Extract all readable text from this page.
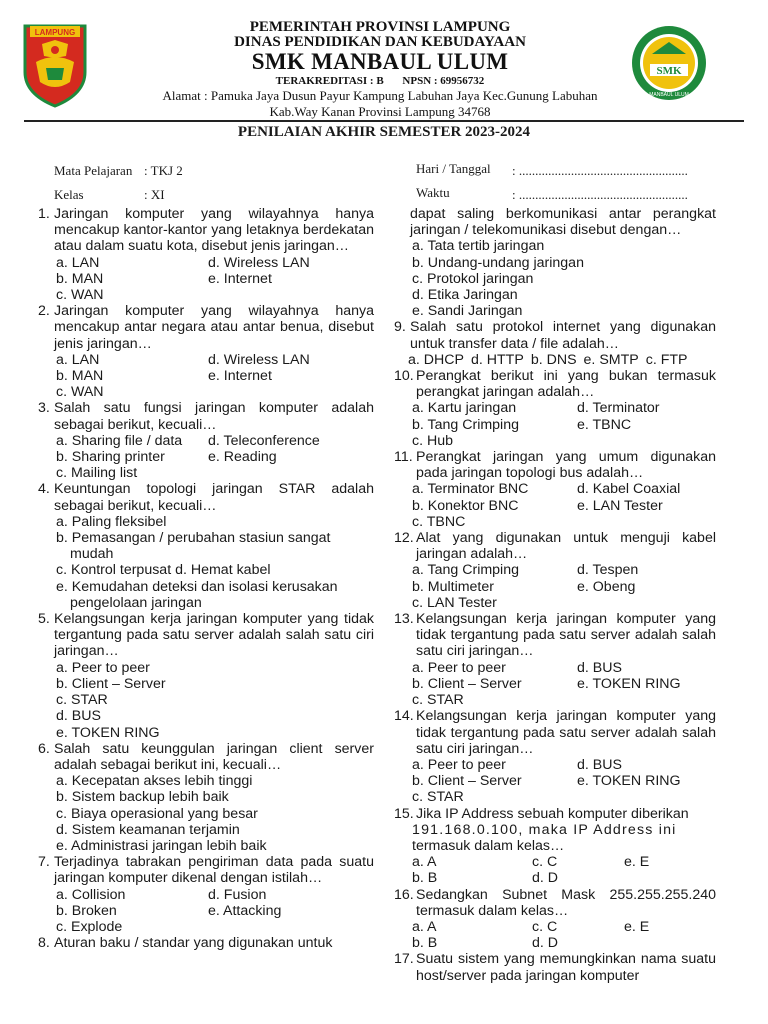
LAMPUNG	PEMERINTAH PROVINSI LAMPUNG
DINAS PENDIDIKAN DAN KEBUDAYAAN
SMK MANBAUL ULUM
TERAKREDITASI : B NPSN : 69956732
Alamat : Pamuka Jaya Dusun Payur Kampung Labuhan Jaya Kec.Gunung Labuhan
Kab.Way Kanan Provinsi Lampung 34768
SMK
MANBAUL ULUM
PENILAIAN AKHIR SEMESTER 2023-2024
Mata Pelajaran : TKJ 2
Kelas	: XI
Hari / Tanggal : ....................................................
Waktu	: ....................................................
1. Jaringan komputer yang wilayahnya hanya mencakup kantor-kantor yang letaknya berdekatan atau dalam suatu kota, disebut jenis jaringan…
a. LAN	d. Wireless LAN
b. MAN	e. Internet
c. WAN
2. Jaringan komputer yang wilayahnya hanya mencakup antar negara atau antar benua, disebut jenis jaringan…
a. LAN	d. Wireless LAN
b. MAN	e. Internet
c. WAN
3. Salah satu fungsi jaringan komputer adalah sebagai berikut, kecuali…
a. Sharing file / data	d. Teleconference
b. Sharing printer	e. Reading
c. Mailing list
4. Keuntungan topologi jaringan STAR adalah sebagai berikut, kecuali…
a. Paling fleksibel
b. Pemasangan / perubahan stasiun sangat mudah
c. Kontrol terpusat d. Hemat kabel
e. Kemudahan deteksi dan isolasi kerusakan pengelolaan jaringan
5. Kelangsungan kerja jaringan komputer yang tidak tergantung pada satu server adalah salah satu ciri jaringan…
a. Peer to peer
b. Client – Server
c. STAR
d. BUS
e. TOKEN RING
6. Salah satu keunggulan jaringan client server adalah sebagai berikut ini, kecuali…
a. Kecepatan akses lebih tinggi
b. Sistem backup lebih baik
c. Biaya operasional yang besar
d. Sistem keamanan terjamin
e. Administrasi jaringan lebih baik
7. Terjadinya tabrakan pengiriman data pada suatu jaringan komputer dikenal dengan istilah…
a. Collision	d. Fusion
b. Broken	e. Attacking
c. Explode
8. Aturan baku / standar yang digunakan untuk
dapat saling berkomunikasi antar perangkat jaringan / telekomunikasi disebut dengan…
a. Tata tertib jaringan
b. Undang-undang jaringan
c. Protokol jaringan
d. Etika Jaringan
e. Sandi Jaringan
9. Salah satu protokol internet yang digunakan untuk transfer data / file adalah…
a. DHCP d. HTTP b. DNS e. SMTP c. FTP
10. Perangkat berikut ini yang bukan termasuk perangkat jaringan adalah…
a. Kartu jaringan	d. Terminator
b. Tang Crimping	e. TBNC
c. Hub
11. Perangkat jaringan yang umum digunakan pada jaringan topologi bus adalah…
a. Terminator BNC	d. Kabel Coaxial
b. Konektor BNC	e. LAN Tester
c. TBNC
12. Alat yang digunakan untuk menguji kabel jaringan adalah…
a. Tang Crimping	d. Tespen
b. Multimeter	e. Obeng
c. LAN Tester
13. Kelangsungan kerja jaringan komputer yang tidak tergantung pada satu server adalah salah satu ciri jaringan…
a. Peer to peer	d. BUS
b. Client – Server	e. TOKEN RING
c. STAR
14. Kelangsungan kerja jaringan komputer yang tidak tergantung pada satu server adalah salah satu ciri jaringan…
a. Peer to peer	d. BUS
b. Client – Server	e. TOKEN RING
c. STAR
15. Jika IP Address sebuah komputer diberikan
191.168.0.100, maka IP Address ini
termasuk dalam kelas…
a. A	c. C	e. E
b. B	d. D
16. Sedangkan Subnet Mask 255.255.255.240 termasuk dalam kelas…
a. A	c. C	e. E
b. B	d. D
17. Suatu sistem yang memungkinkan nama suatu host/server pada jaringan komputer
